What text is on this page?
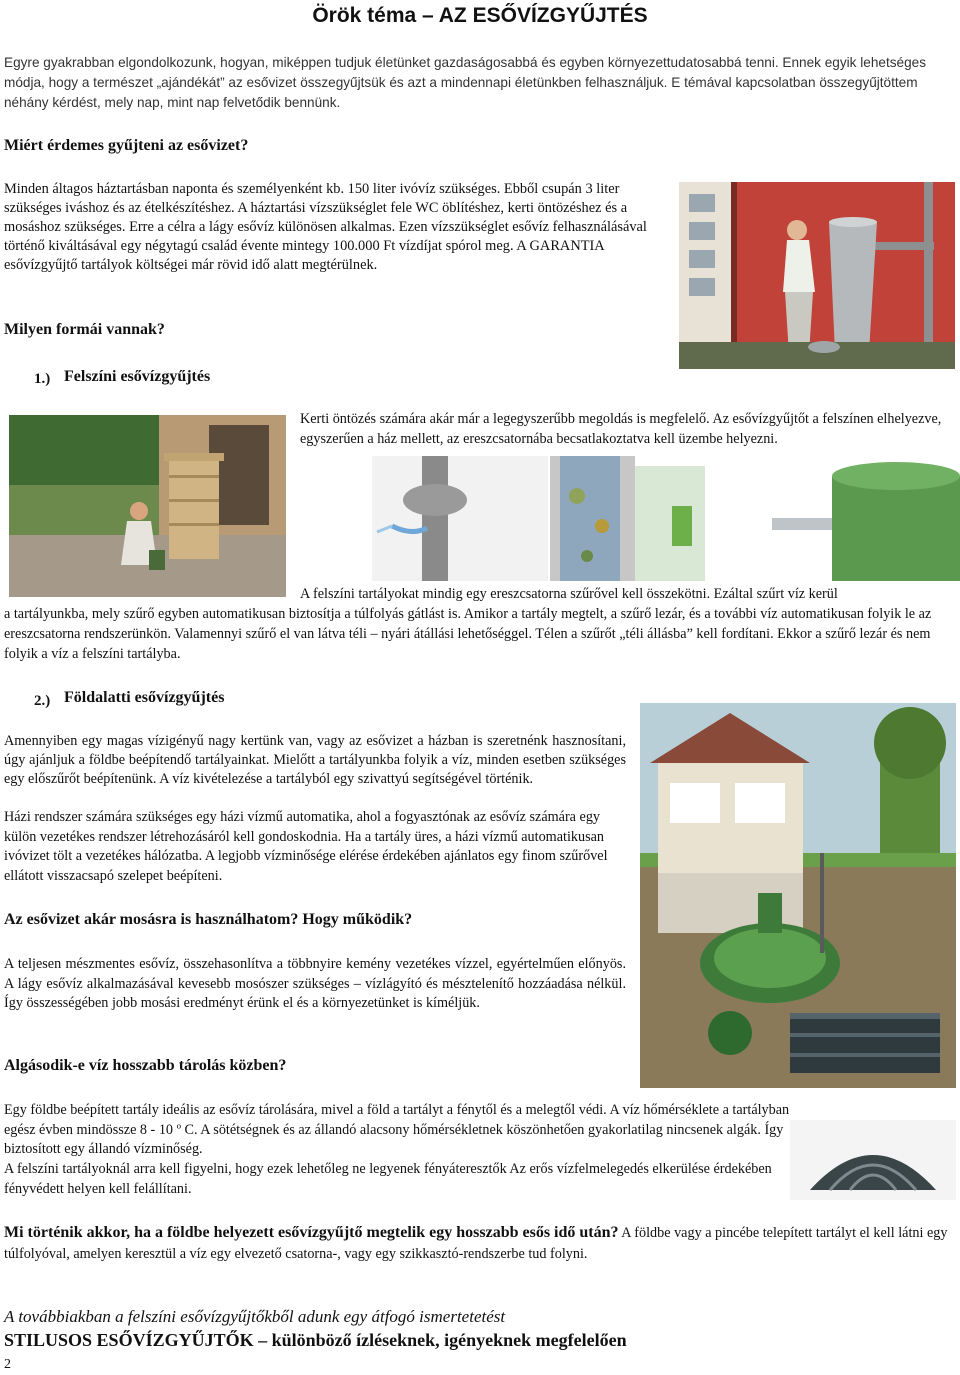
Örök téma – AZ ESŐVÍZGYŰJTÉS

Egyre gyakrabban elgondolkozunk, hogyan, miképpen tudjuk életünket gazdaságosabbá és egyben környezettudatosabbá tenni. Ennek egyik lehetséges módja, hogy a természet „ajándékát” az esővizet összegyűjtsük és azt a mindennapi életünkben felhasználjuk. E témával kapcsolatban összegyűjtöttem néhány kérdést, mely nap, mint nap felvetődik bennünk.

Miért érdemes gyűjteni az esővizet?

Minden áltagos háztartásban naponta és személyenként kb. 150 liter ivóvíz szükséges. Ebből csupán 3 liter szükséges iváshoz és az ételkészítéshez. A háztartási vízszükséglet fele WC öblítéshez, kerti öntözéshez és a mosáshoz szükséges. Erre a célra a lágy esővíz különösen alkalmas. Ezen vízszükséglet esővíz felhasználásával történő kiváltásával egy négytagú család évente mintegy 100.000 Ft vízdíjat spórol meg. A GARANTIA esővízgyűjtő tartályok költségei már rövid idő alatt megtérülnek.

Milyen formái vannak?
1.) Felszíni esővízgyűjtés

Kerti öntözés számára akár már a legegyszerűbb megoldás is megfelelő. Az esővízgyűjtőt a felszínen elhelyezve, egyszerűen a ház mellett, az ereszcsatornába becsatlakoztatva kell üzembe helyezni.

A felszíni tartályokat mindig egy ereszcsatorna szűrővel kell összekötni. Ezáltal szűrt víz kerül

a tartályunkba, mely szűrő egyben automatikusan biztosítja a túlfolyás gátlást is. Amikor a tartály megtelt, a szűrő lezár, és a további víz automatikusan folyik le az ereszcsatorna rendszerünkön. Valamennyi szűrő el van látva téli – nyári átállási lehetőséggel. Télen a szűrőt „téli állásba” kell fordítani. Ekkor a szűrő lezár és nem folyik a víz a felszíni tartályba.

2.) Földalatti esővízgyűjtés

Amennyiben egy magas vízigényű nagy kertünk van, vagy az esővizet a házban is szeretnénk hasznosítani, úgy ajánljuk a földbe beépítendő tartályainkat. Mielőtt a tartályunkba folyik a víz, minden esetben szükséges egy előszűrőt beépítenünk. A víz kivételezése a tartályból egy szivattyú segítségével történik.

Házi rendszer számára szükséges egy házi vízmű automatika, ahol a fogyasztónak az esővíz számára egy külön vezetékes rendszer létrehozásáról kell gondoskodnia. Ha a tartály üres, a házi vízmű automatikusan ivóvizet tölt a vezetékes hálózatba. A legjobb vízminősége elérése érdekében ajánlatos egy finom szűrővel ellátott visszacsapó szelepet beépíteni.

Az esővizet akár mosásra is használhatom? Hogy működik?

A teljesen mészmentes esővíz, összehasonlítva a többnyire kemény vezetékes vízzel, egyértelműen előnyös. A lágy esővíz alkalmazásával kevesebb mosószer szükséges – vízlágyító és mésztelenítő hozzáadása nélkül. Így összességében jobb mosási eredményt érünk el és a környezetünket is kíméljük.

Algásodik-e víz hosszabb tárolás közben?

Egy földbe beépített tartály ideális az esővíz tárolására, mivel a föld a tartályt a fénytől és a melegtől védi. A víz hőmérséklete a tartályban egész évben mindössze 8 - 10 º C. A sötétségnek és az állandó alacsony hőmérsékletnek köszönhetően gyakorlatilag nincsenek algák. Így biztosított egy állandó vízminőség.

A felszíni tartályoknál arra kell figyelni, hogy ezek lehetőleg ne legyenek fényáteresztők Az erős vízfelmelegedés elkerülése érdekében fényvédett helyen kell felállítani.

Mi történik akkor, ha a földbe helyezett esővízgyűjtő megtelik egy hosszabb esős idő után? A földbe vagy a pincébe telepített tartályt el kell látni egy túlfolyóval, amelyen keresztül a víz egy elvezető csatorna-, vagy egy szikkasztó-rendszerbe tud folyni.

A továbbiakban a felszíni esővízgyűjtőkből adunk egy átfogó ismertetetést
STILUSOS ESŐVÍZGYŰJTŐK – különböző ízléseknek, igényeknek megfelelően
2
